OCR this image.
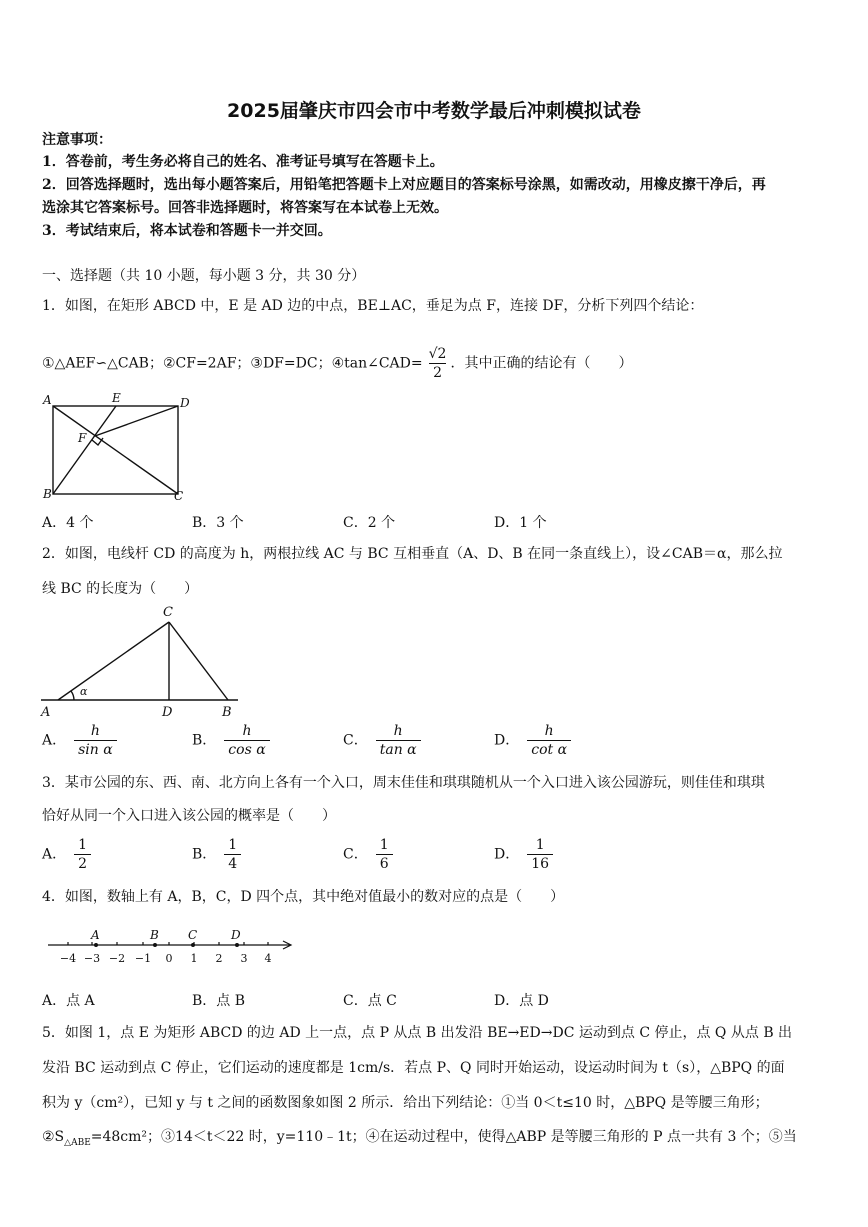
2025届肇庆市四会市中考数学最后冲刺模拟试卷
注意事项：
1．答卷前，考生务必将自己的姓名、准考证号填写在答题卡上。
2．回答选择题时，选出每小题答案后，用铅笔把答题卡上对应题目的答案标号涂黑，如需改动，用橡皮擦干净后，再
选涂其它答案标号。回答非选择题时，将答案写在本试卷上无效。
3．考试结束后，将本试卷和答题卡一并交回。
一、选择题（共 10 小题，每小题 3 分，共 30 分）
1．如图，在矩形 ABCD 中，E 是 AD 边的中点，BE⊥AC，垂足为点 F，连接 DF，分析下列四个结论：
①△AEF∽△CAB；②CF=2AF；③DF=DC；④tan∠CAD= $\frac{√2}{2}$ ．其中正确的结论有（　　）
A	E	D
F
B	C
A．4 个	B．3 个	C．2 个	D．1 个
2．如图，电线杆 CD 的高度为 h，两根拉线 AC 与 BC 互相垂直（A、D、B 在同一条直线上），设∠CAB＝α，那么拉
线 BC 的长度为（　　）
C
A	D	B
α
A． $\frac{h}{\text{sin α}}$	B． $\frac{h}{\text{cos α}}$	C． $\frac{h}{\text{tan α}}$	D． $\frac{h}{\text{cot α}}$
3．某市公园的东、西、南、北方向上各有一个入口，周末佳佳和琪琪随机从一个入口进入该公园游玩，则佳佳和琪琪
恰好从同一个入口进入该公园的概率是（　　）
A． $\frac{1}{2}$	B． $\frac{1}{4}$	C． $\frac{1}{6}$	D． $\frac{1}{16}$
4．如图，数轴上有 A，B，C，D 四个点，其中绝对值最小的数对应的点是（　　）
A	B C	D
−4 −3 −2 −1 0 1 2 3 4
A．点 A	B．点 B	C．点 C	D．点 D
5．如图 1，点 E 为矩形 ABCD 的边 AD 上一点，点 P 从点 B 出发沿 BE→ED→DC 运动到点 C 停止，点 Q 从点 B 出
发沿 BC 运动到点 C 停止，它们运动的速度都是 1cm/s．若点 P、Q 同时开始运动，设运动时间为 t（s），△BPQ 的面
积为 y（cm²），已知 y 与 t 之间的函数图象如图 2 所示．给出下列结论：①当 0＜t≤10 时，△BPQ 是等腰三角形；
$②S_{\triangle ABE}=48cm^2$；③14＜t＜22 时，y=110﹣1t；④在运动过程中，使得△ABP 是等腰三角形的 P 点一共有 3 个；⑤当
